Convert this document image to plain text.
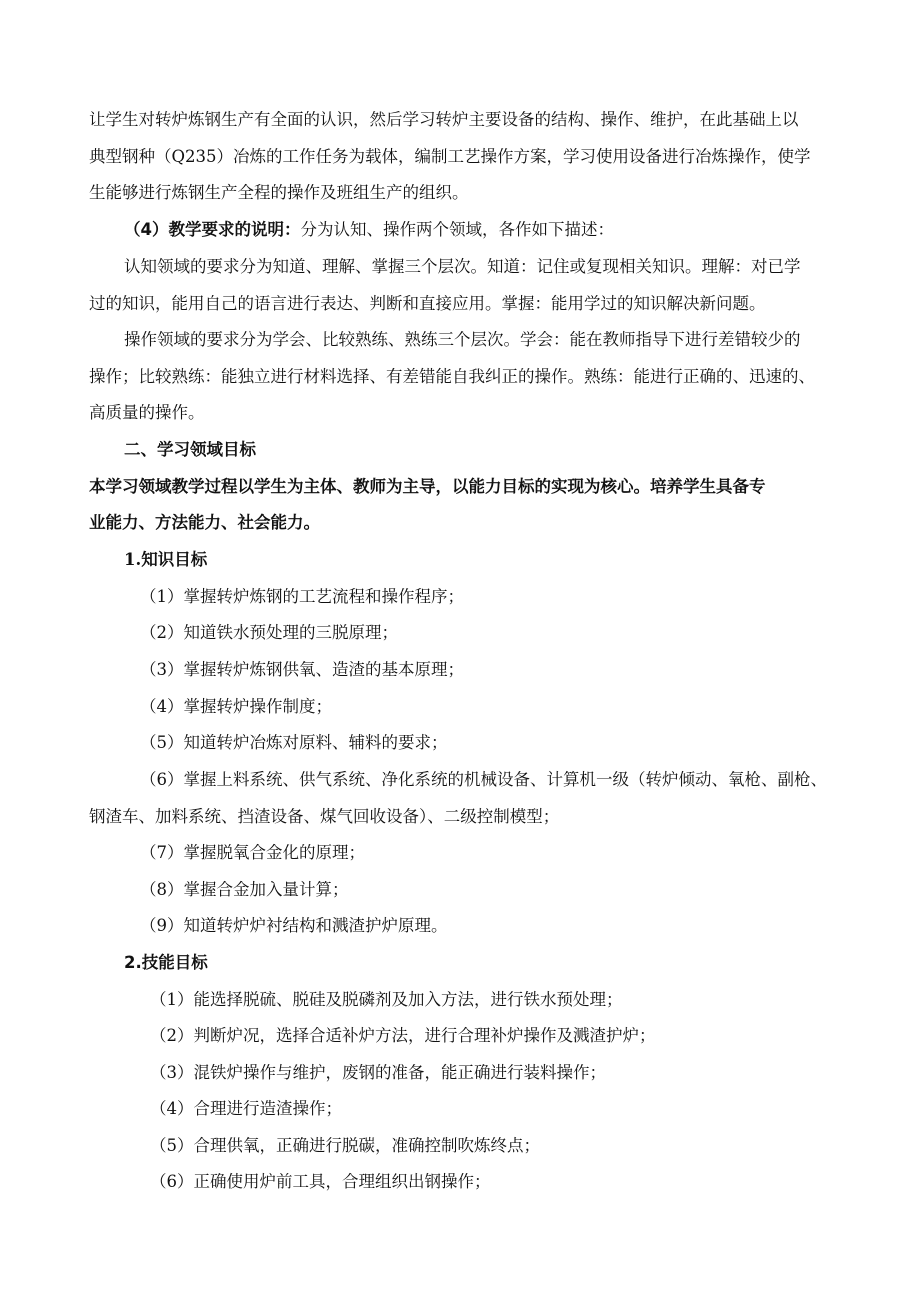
让学生对转炉炼钢生产有全面的认识，然后学习转炉主要设备的结构、操作、维护，在此基础上以
典型钢种（Q235）冶炼的工作任务为载体，编制工艺操作方案，学习使用设备进行冶炼操作，使学
生能够进行炼钢生产全程的操作及班组生产的组织。
（4）教学要求的说明：分为认知、操作两个领域，各作如下描述：
认知领域的要求分为知道、理解、掌握三个层次。知道：记住或复现相关知识。理解：对已学
过的知识，能用自己的语言进行表达、判断和直接应用。掌握：能用学过的知识解决新问题。
操作领域的要求分为学会、比较熟练、熟练三个层次。学会：能在教师指导下进行差错较少的
操作；比较熟练：能独立进行材料选择、有差错能自我纠正的操作。熟练：能进行正确的、迅速的、
高质量的操作。
二、学习领域目标
本学习领域教学过程以学生为主体、教师为主导，以能力目标的实现为核心。培养学生具备专
业能力、方法能力、社会能力。
1.知识目标
（1）掌握转炉炼钢的工艺流程和操作程序；
（2）知道铁水预处理的三脱原理；
（3）掌握转炉炼钢供氧、造渣的基本原理；
（4）掌握转炉操作制度；
（5）知道转炉冶炼对原料、辅料的要求；
（6）掌握上料系统、供气系统、净化系统的机械设备、计算机一级（转炉倾动、氧枪、副枪、
钢渣车、加料系统、挡渣设备、煤气回收设备）、二级控制模型；
（7）掌握脱氧合金化的原理；
（8）掌握合金加入量计算；
（9）知道转炉炉衬结构和溅渣护炉原理。
2.技能目标
（1）能选择脱硫、脱硅及脱磷剂及加入方法，进行铁水预处理；
（2）判断炉况，选择合适补炉方法，进行合理补炉操作及溅渣护炉；
（3）混铁炉操作与维护，废钢的准备，能正确进行装料操作；
（4）合理进行造渣操作；
（5）合理供氧，正确进行脱碳，准确控制吹炼终点；
（6）正确使用炉前工具，合理组织出钢操作；
